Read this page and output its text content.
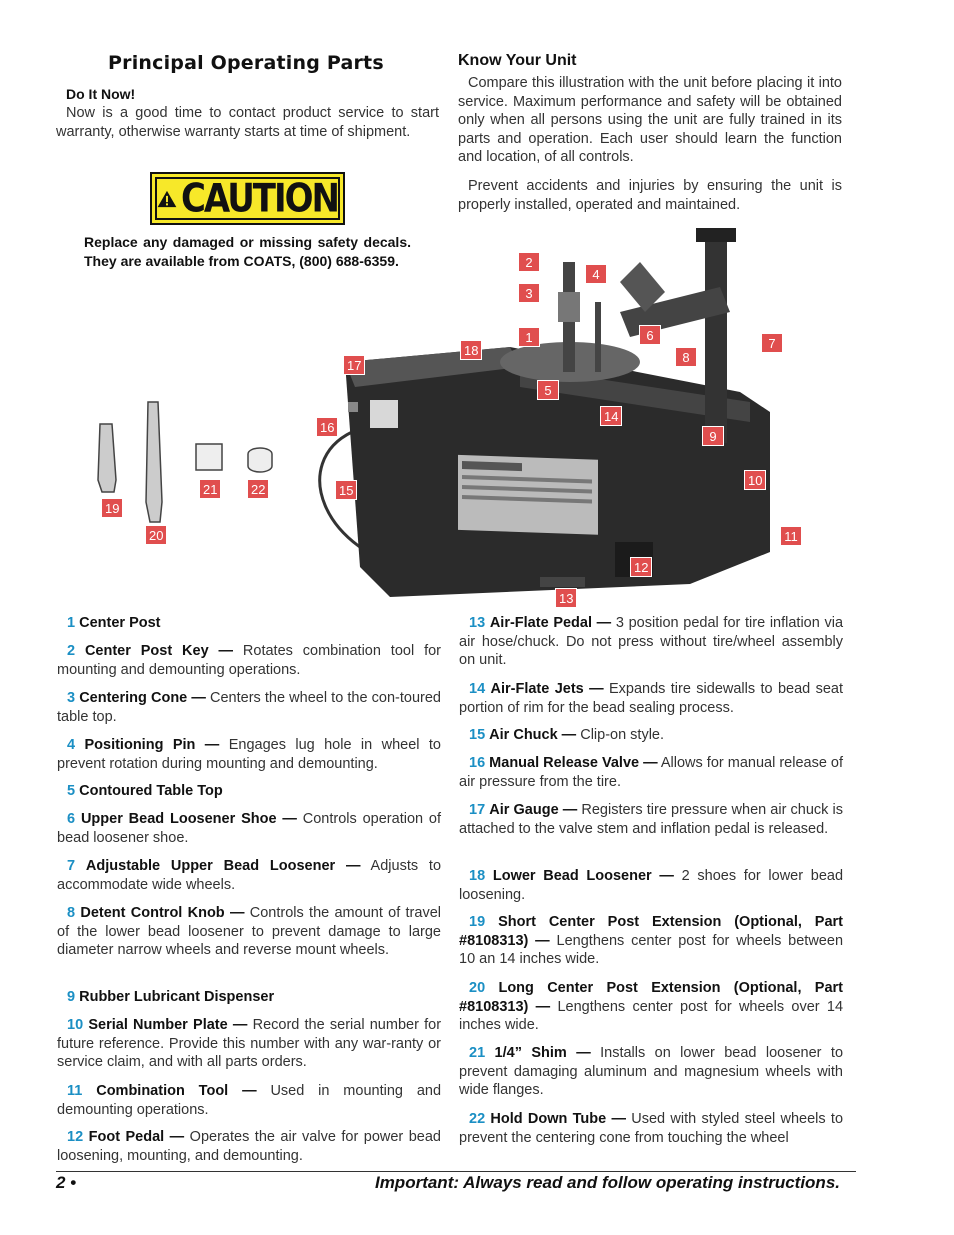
Principal Operating Parts
Do It Now!
Now is a good time to contact product service to start warranty, otherwise warranty starts at time of shipment.
CAUTION
Replace any damaged or missing safety decals. They are available from COATS, (800) 688-6359.
Know Your Unit
Compare this illustration with the unit before placing it into service. Maximum performance and safety will be obtained only when all persons using the unit are fully trained in its parts and operation. Each user should learn the function and location, of all controls.
Prevent accidents and injuries by ensuring the unit is properly installed, operated and maintained.
2
4
3
1	6
7
8
18
17
5
14
16
9
10
15
21	22
19
11
20
12
13
1 Center Post
2 Center Post Key — Rotates combination tool for mounting and demounting operations.
3 Centering Cone — Centers the wheel to the con-toured table top.
4 Positioning Pin — Engages lug hole in wheel to prevent rotation during mounting and demounting.
5 Contoured Table Top
6 Upper Bead Loosener Shoe — Controls operation of bead loosener shoe.
7 Adjustable Upper Bead Loosener — Adjusts to accommodate wide wheels.
8 Detent Control Knob — Controls the amount of travel of the lower bead loosener to prevent damage to large diameter narrow wheels and reverse mount wheels.
9 Rubber Lubricant Dispenser
10 Serial Number Plate — Record the serial number for future reference. Provide this number with any war-ranty or service claim, and with all parts orders.
11 Combination Tool — Used in mounting and demounting operations.
12 Foot Pedal — Operates the air valve for power bead loosening, mounting, and demounting.
13 Air-Flate Pedal — 3 position pedal for tire inflation via air hose/chuck. Do not press without tire/wheel assembly on unit.
14 Air-Flate Jets — Expands tire sidewalls to bead seat portion of rim for the bead sealing process.
15 Air Chuck — Clip-on style.
16 Manual Release Valve — Allows for manual release of air pressure from the tire.
17 Air Gauge — Registers tire pressure when air chuck is attached to the valve stem and inflation pedal is released.
18 Lower Bead Loosener — 2 shoes for lower bead loosening.
19 Short Center Post Extension (Optional, Part #8108313) — Lengthens center post for wheels between 10 an 14 inches wide.
20 Long Center Post Extension (Optional, Part #8108313) — Lengthens center post for wheels over 14 inches wide.
21 1/4” Shim — Installs on lower bead loosener to prevent damaging aluminum and magnesium wheels with wide flanges.
22 Hold Down Tube — Used with styled steel wheels to prevent the centering cone from touching the wheel
2 •	Important: Always read and follow operating instructions.
